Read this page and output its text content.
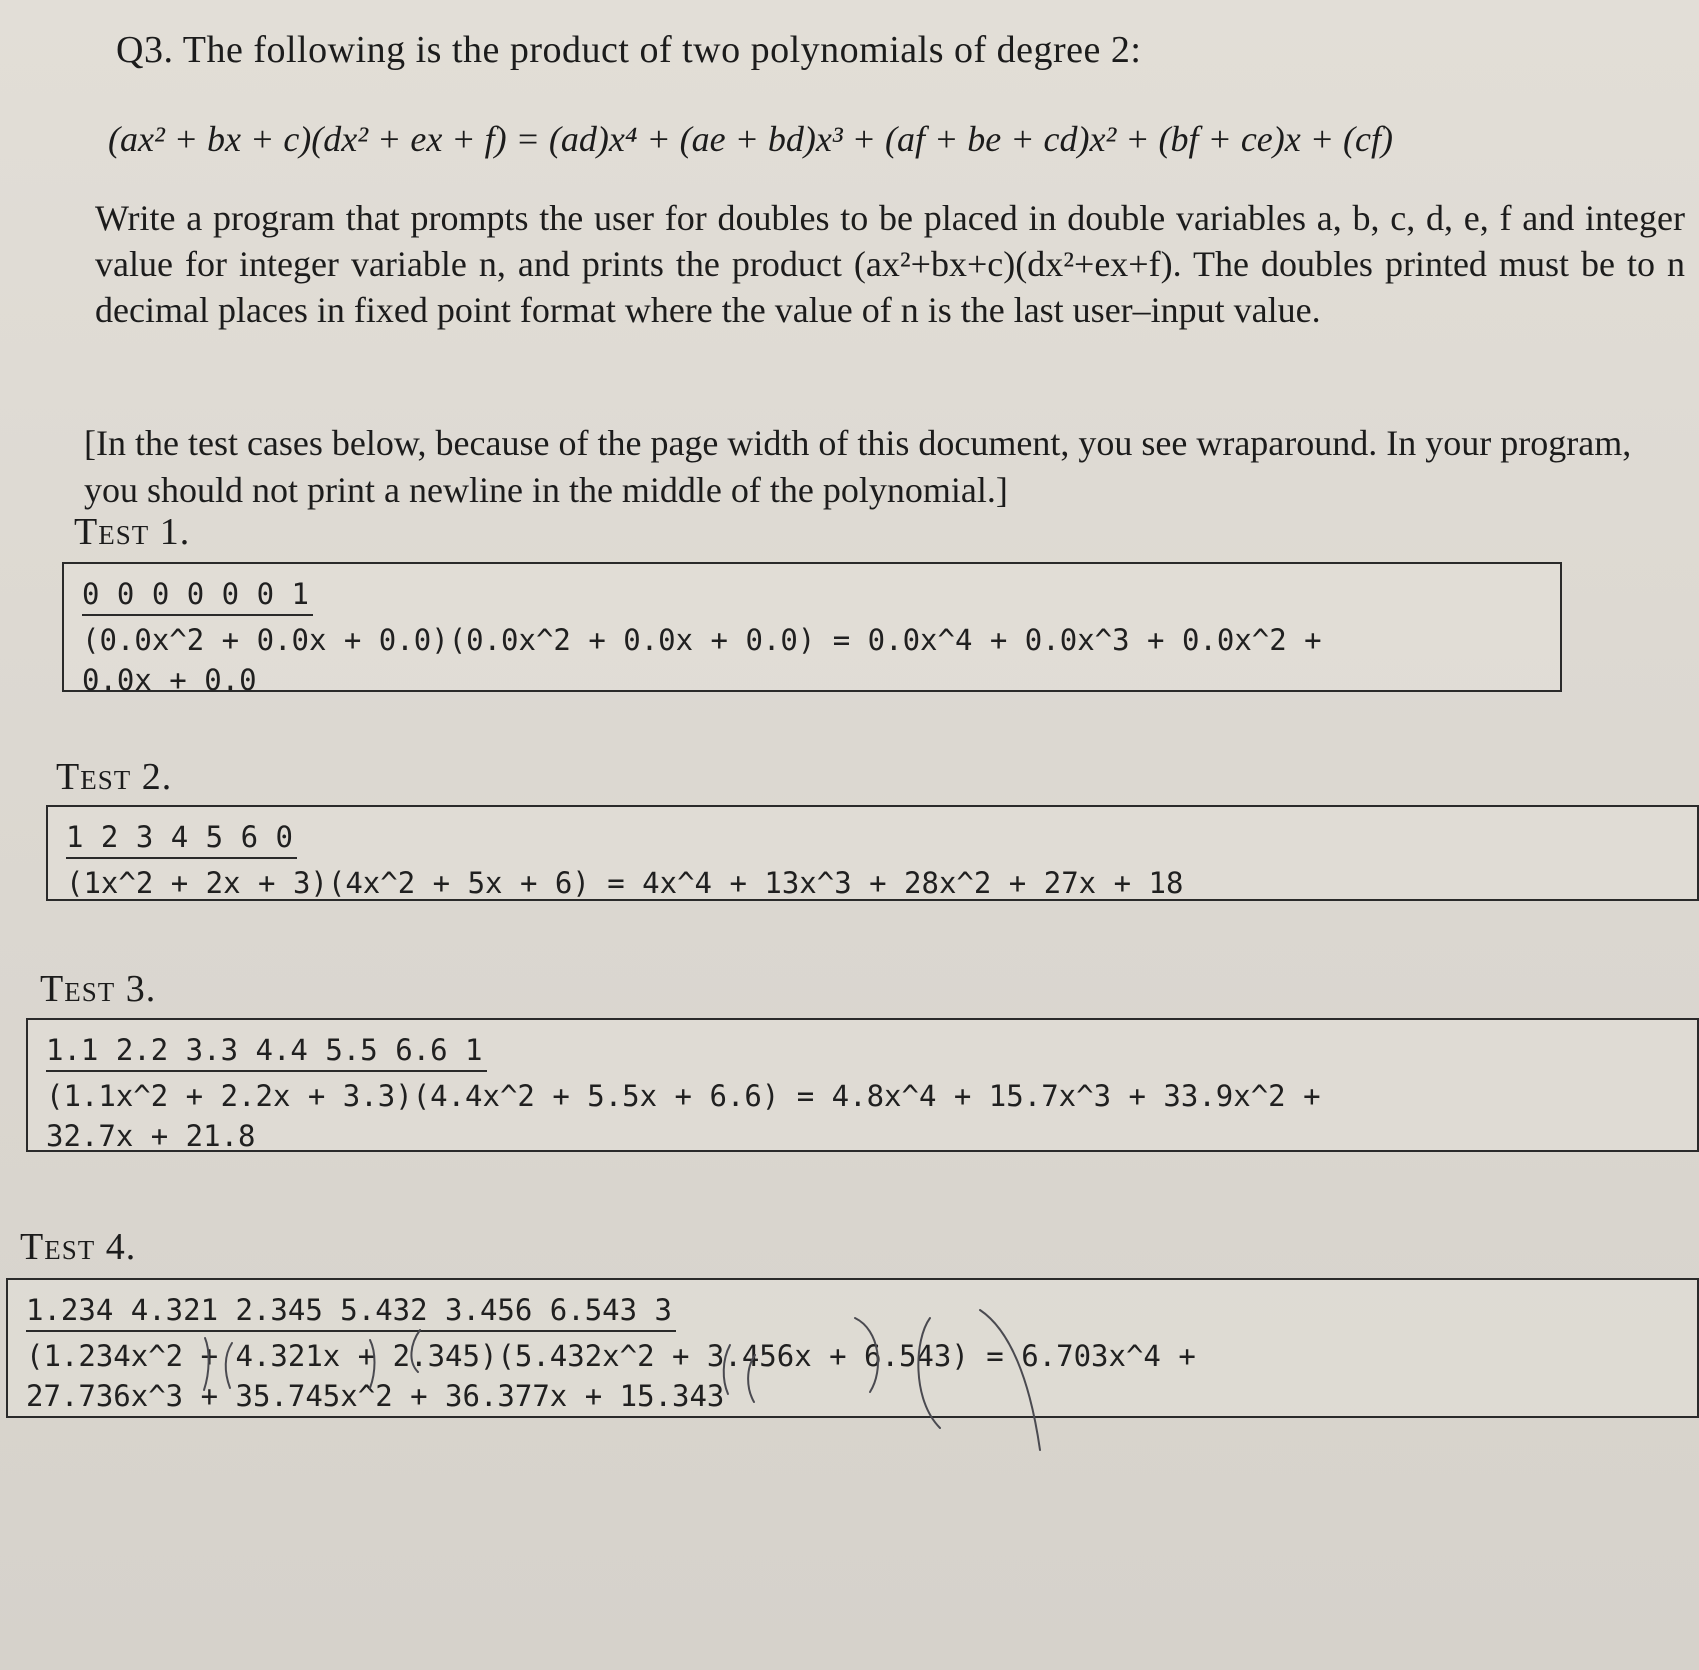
Q3. The following is the product of two polynomials of degree 2:
(ax² + bx + c)(dx² + ex + f) = (ad)x⁴ + (ae + bd)x³ + (af + be + cd)x² + (bf + ce)x + (cf)
Write a program that prompts the user for doubles to be placed in double variables a, b, c, d, e, f and integer value for integer variable n, and prints the product (ax²+bx+c)(dx²+ex+f). The doubles printed must be to n decimal places in fixed point format where the value of n is the last user–input value.
[In the test cases below, because of the page width of this document, you see wraparound. In your program, you should not print a newline in the middle of the polynomial.]
Test 1.
0 0 0 0 0 0 1
(0.0x^2 + 0.0x + 0.0)(0.0x^2 + 0.0x + 0.0) = 0.0x^4 + 0.0x^3 + 0.0x^2 + 0.0x + 0.0
Test 2.
1 2 3 4 5 6 0
(1x^2 + 2x + 3)(4x^2 + 5x + 6) = 4x^4 + 13x^3 + 28x^2 + 27x + 18
Test 3.
1.1 2.2 3.3 4.4 5.5 6.6 1
(1.1x^2 + 2.2x + 3.3)(4.4x^2 + 5.5x + 6.6) = 4.8x^4 + 15.7x^3 + 33.9x^2 + 32.7x + 21.8
Test 4.
1.234 4.321 2.345 5.432 3.456 6.543 3
(1.234x^2 + 4.321x + 2.345)(5.432x^2 + 3.456x + 6.543) = 6.703x^4 + 27.736x^3 + 35.745x^2 + 36.377x + 15.343
